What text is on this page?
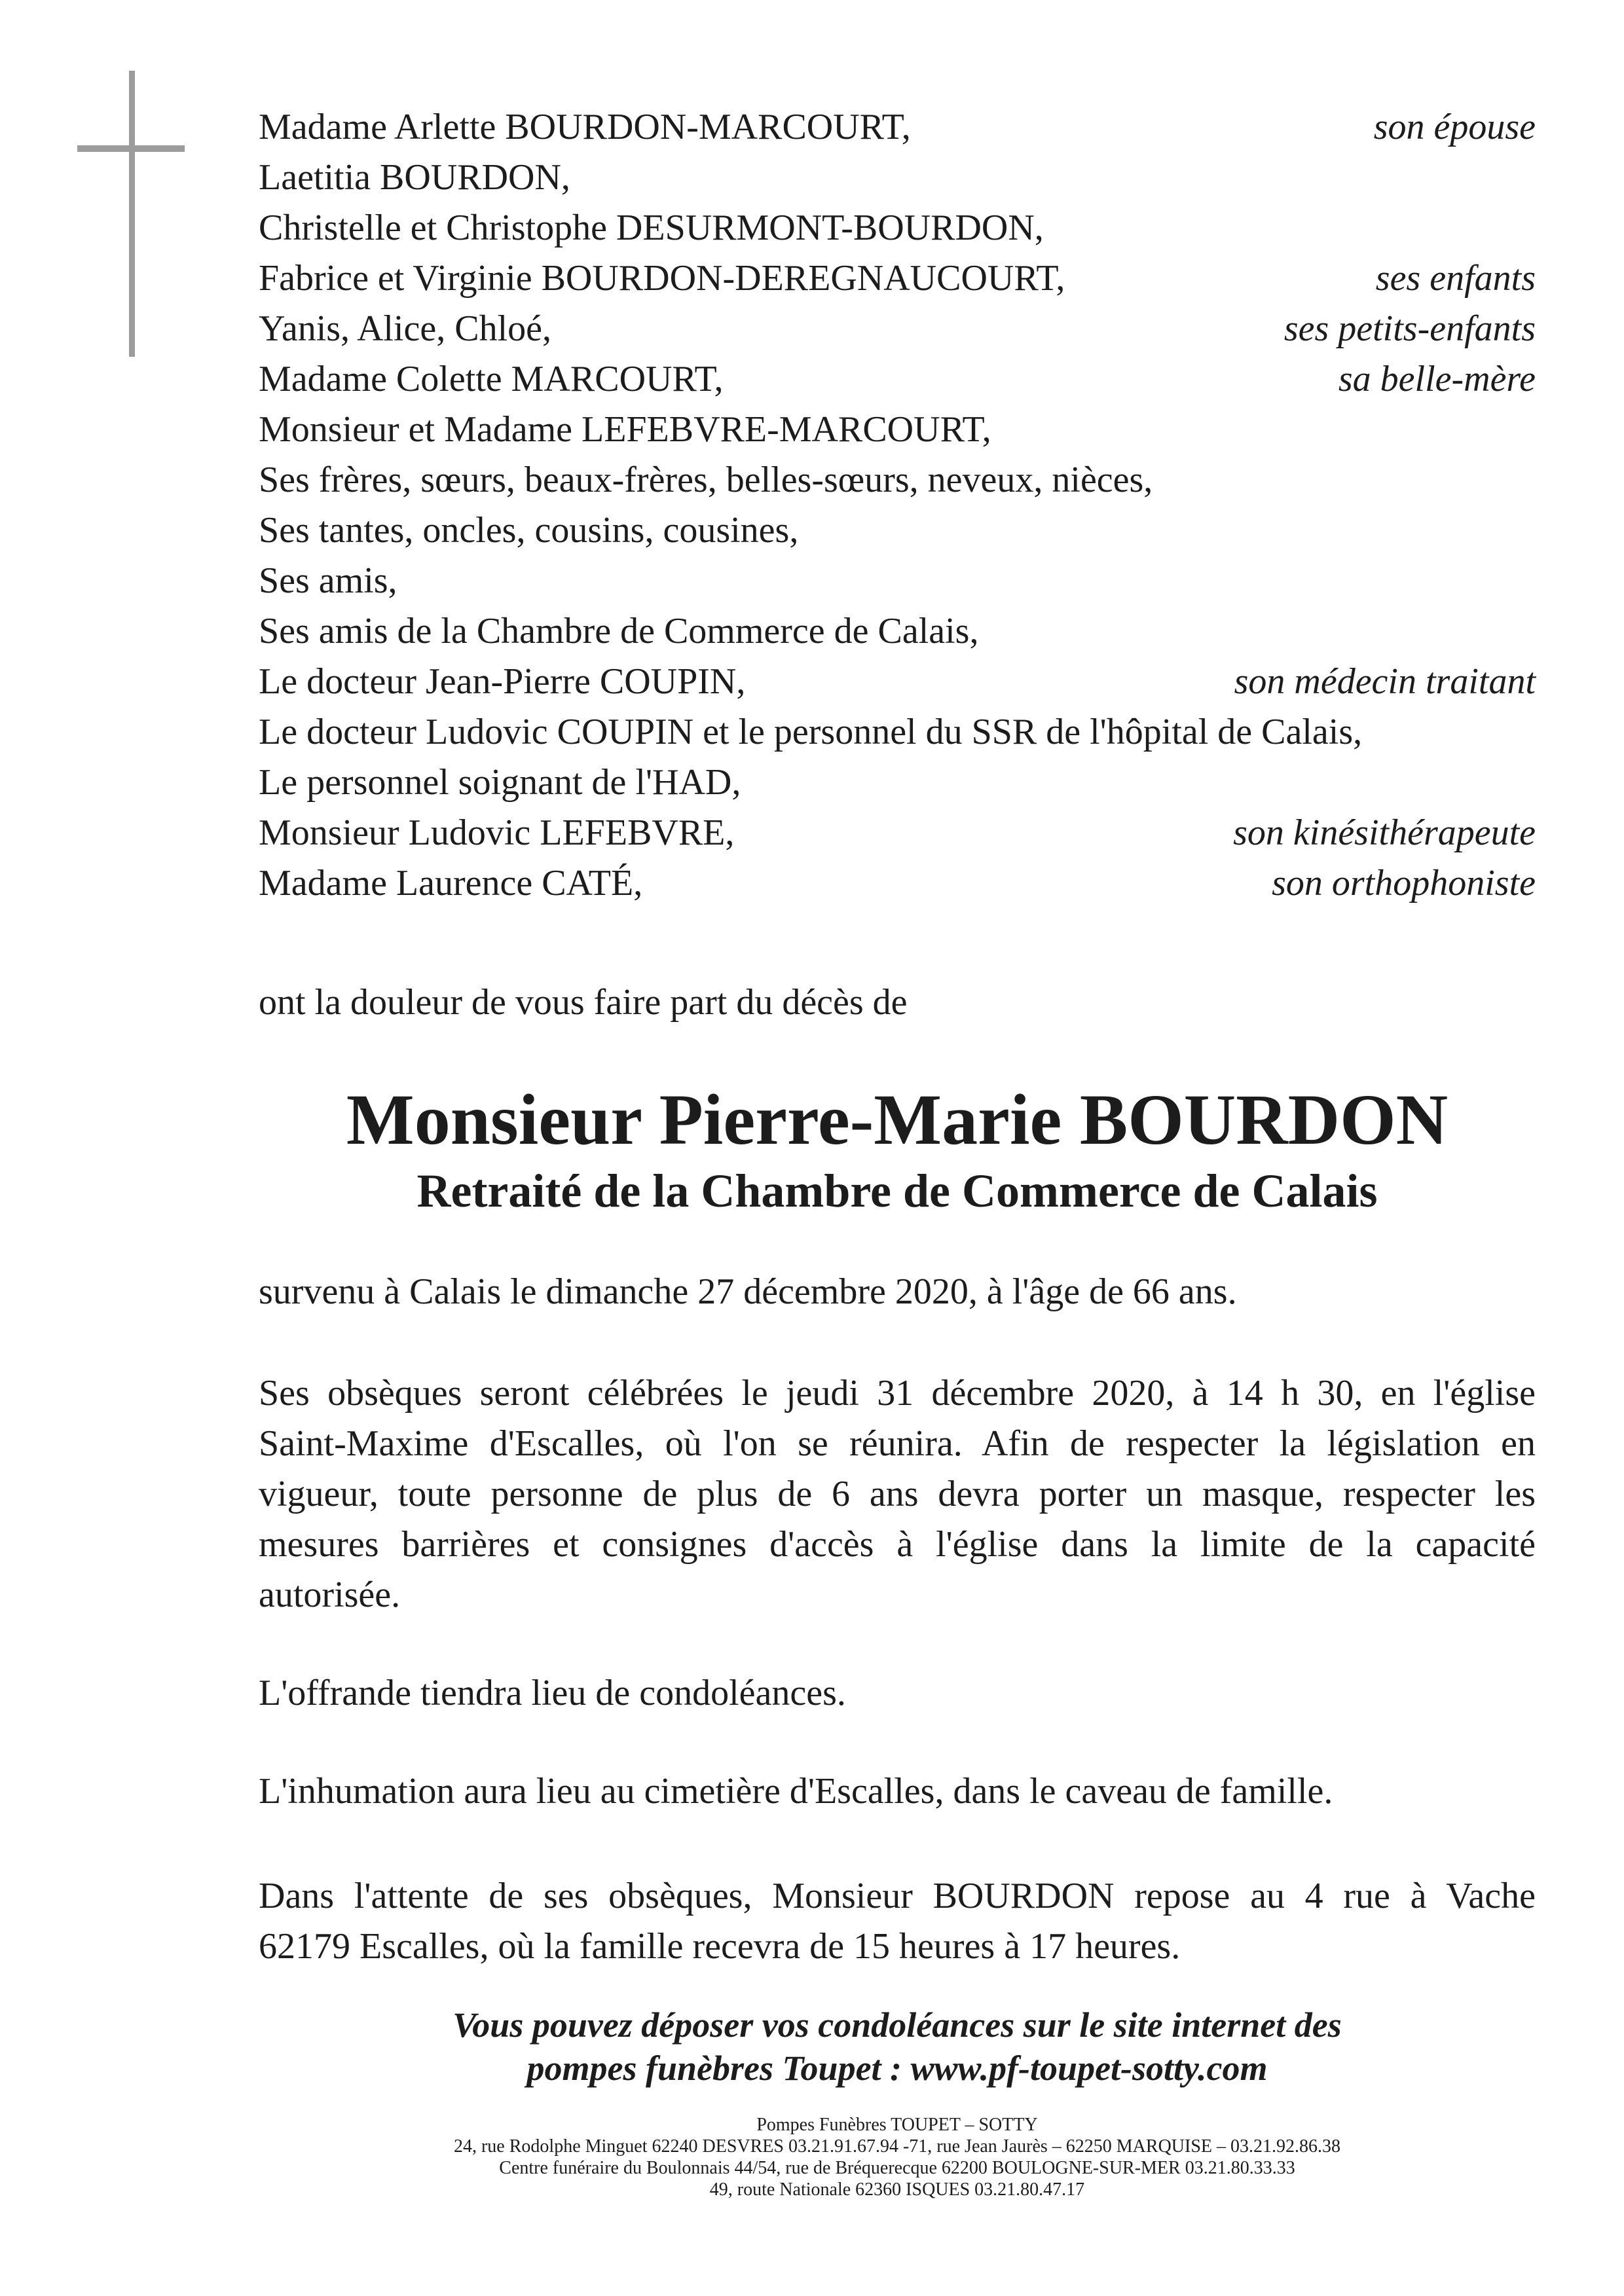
Madame Arlette BOURDON-MARCOURT,	son épouse
Laetitia BOURDON,
Christelle et Christophe DESURMONT-BOURDON,
Fabrice et Virginie BOURDON-DEREGNAUCOURT,	ses enfants
Yanis, Alice, Chloé,	ses petits-enfants
Madame Colette MARCOURT,	sa belle-mère
Monsieur et Madame LEFEBVRE-MARCOURT,
Ses frères, sœurs, beaux-frères, belles-sœurs, neveux, nièces,
Ses tantes, oncles, cousins, cousines,
Ses amis,
Ses amis de la Chambre de Commerce de Calais,
Le docteur Jean-Pierre COUPIN,	son médecin traitant
Le docteur Ludovic COUPIN et le personnel du SSR de l'hôpital de Calais,
Le personnel soignant de l'HAD,
Monsieur Ludovic LEFEBVRE,	son kinésithérapeute
Madame Laurence CATÉ,	son orthophoniste
ont la douleur de vous faire part du décès de
Monsieur Pierre-Marie BOURDON
Retraité de la Chambre de Commerce de Calais
survenu à Calais le dimanche 27 décembre 2020, à l'âge de 66 ans.
Ses obsèques seront célébrées le jeudi 31 décembre 2020, à 14 h 30, en l'église
Saint-Maxime d'Escalles, où l'on se réunira. Afin de respecter la législation en
vigueur, toute personne de plus de 6 ans devra porter un masque, respecter les
mesures barrières et consignes d'accès à l'église dans la limite de la capacité
autorisée.
L'offrande tiendra lieu de condoléances.
L'inhumation aura lieu au cimetière d'Escalles, dans le caveau de famille.
Dans l'attente de ses obsèques, Monsieur BOURDON repose au 4 rue à Vache
62179 Escalles, où la famille recevra de 15 heures à 17 heures.
Vous pouvez déposer vos condoléances sur le site internet des
pompes funèbres Toupet : www.pf-toupet-sotty.com
Pompes Funèbres TOUPET – SOTTY
24, rue Rodolphe Minguet 62240 DESVRES 03.21.91.67.94 -71, rue Jean Jaurès – 62250 MARQUISE – 03.21.92.86.38
Centre funéraire du Boulonnais 44/54, rue de Bréquerecque 62200 BOULOGNE-SUR-MER 03.21.80.33.33
49, route Nationale 62360 ISQUES 03.21.80.47.17
